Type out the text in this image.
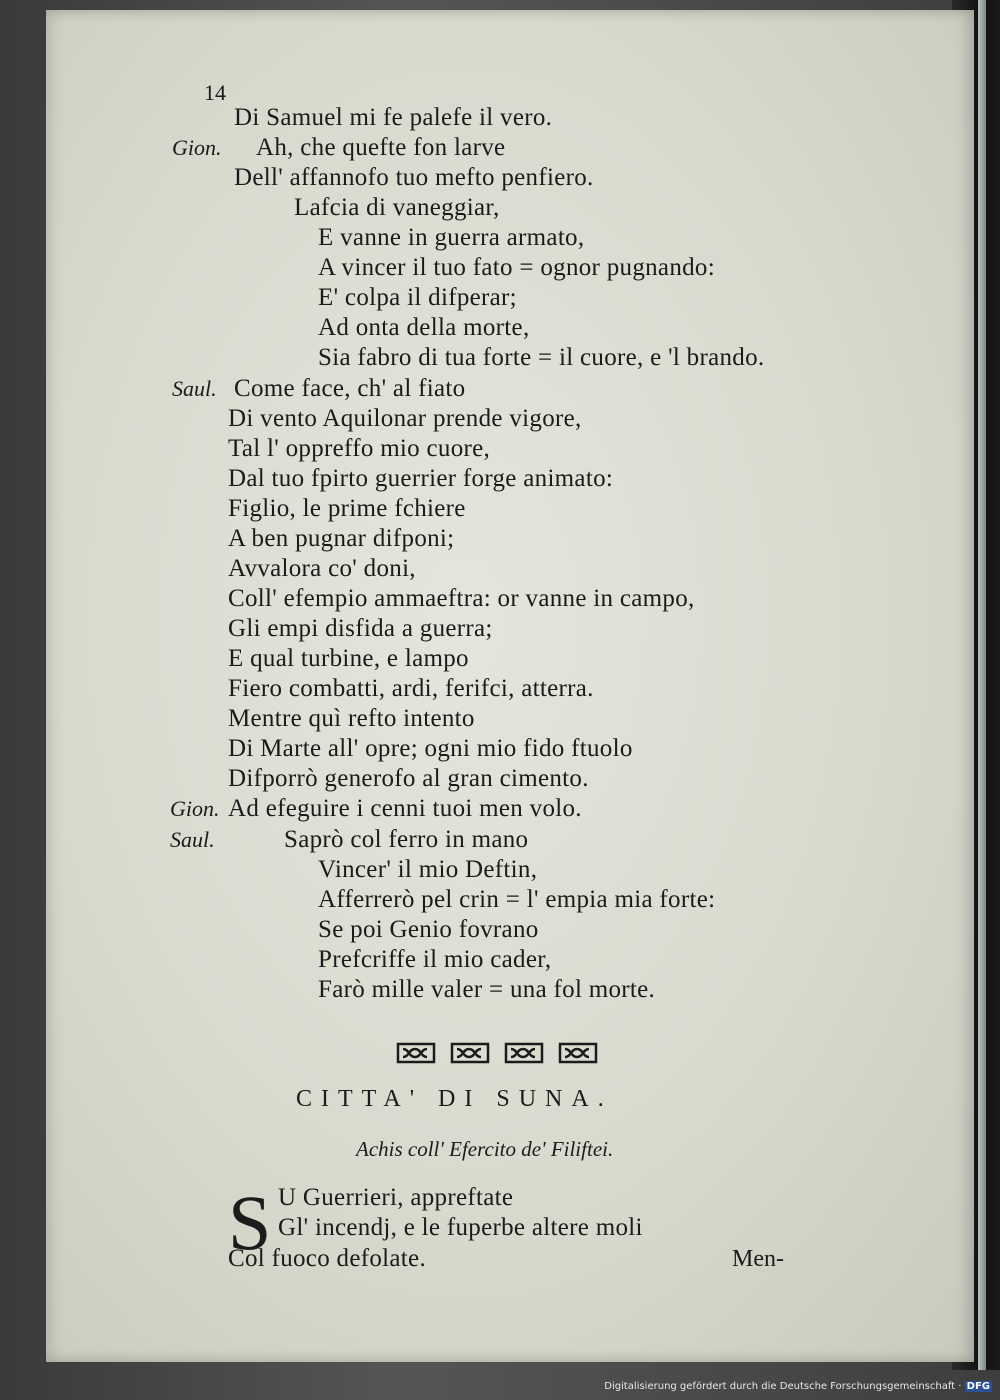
14
Di Samuel mi fe palefe il vero.
Gion. Ah, che quefte fon larve
Dell' affannofo tuo mefto penfiero.
Lafcia di vaneggiar,
E vanne in guerra armato,
A vincer il tuo fato = ognor pugnando:
E' colpa il difperar;
Ad onta della morte,
Sia fabro di tua forte = il cuore, e 'l brando.
Saul. Come face, ch' al fiato
Di vento Aquilonar prende vigore,
Tal l' oppreffo mio cuore,
Dal tuo fpirto guerrier forge animato:
Figlio, le prime fchiere
A ben pugnar difponi;
Avvalora co' doni,
Coll' efempio ammaeftra: or vanne in campo,
Gli empi disfida a guerra;
E qual turbine, e lampo
Fiero combatti, ardi, ferifci, atterra.
Mentre quì refto intento
Di Marte all' opre; ogni mio fido ftuolo
Difporrò generofo al gran cimento.
Gion. Ad efeguire i cenni tuoi men volo.
Saul.	Saprò col ferro in mano
Vincer' il mio Deftin,
Afferrerò pel crin = l' empia mia forte:
Se poi Genio fovrano
Prefcriffe il mio cader,
Farò mille valer = una fol morte.
CITTA' DI SUNA.
Achis coll' Efercito de' Filiftei.
S U Guerrieri, appreftate
Gl' incendj, e le fuperbe altere moli
Col fuoco defolate.	Men-
Digitalisierung gefördert durch die Deutsche Forschungsgemeinschaft · DFG
